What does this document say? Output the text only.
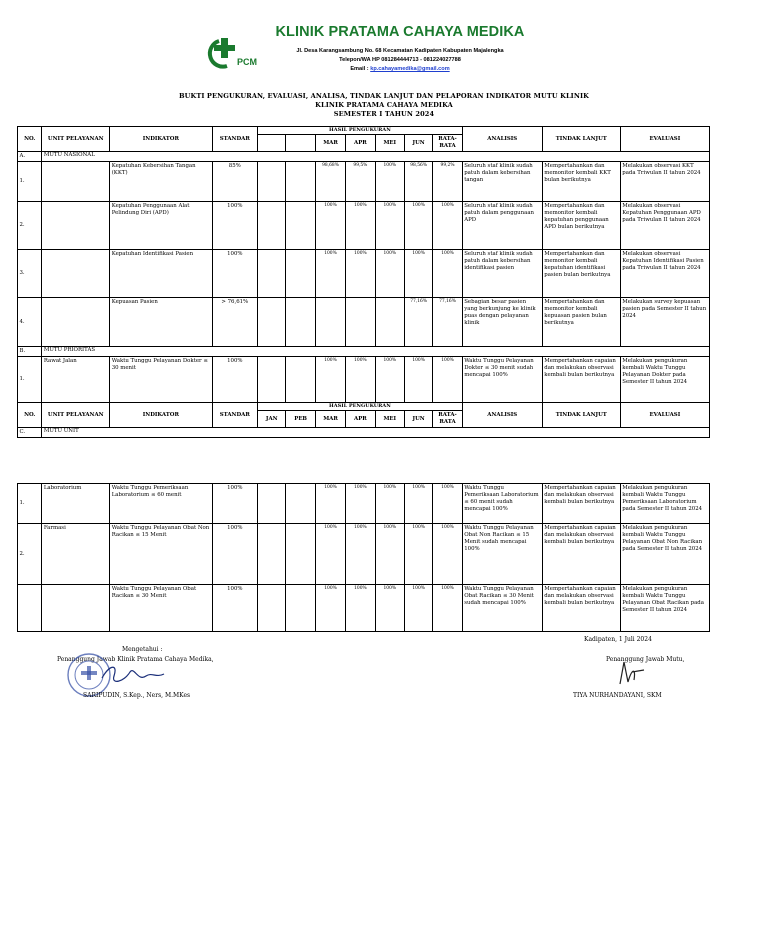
PCM
KLINIK PRATAMA CAHAYA MEDIKA
Jl. Desa Karangsambung No. 68 Kecamatan Kadipaten Kabupaten Majalengka
Telepon/WA HP 081284444713 - 081224027788
Email : kp.cahayamedika@gmail.com
BUKTI PENGUKURAN, EVALUASI, ANALISA, TINDAK LANJUT DAN PELAPORAN INDIKATOR MUTU KLINIK
KLINIK PRATAMA CAHAYA MEDIKA
SEMESTER I TAHUN 2024
NO.	UNIT PELAYANAN	INDIKATOR	STANDAR	HASIL PENGUKURAN							ANALISIS	TINDAK LANJUT	EVALUASI
						MAR	APR	MEI	JUN	RATA-RATA			
A.	MUTU NASIONAL												
1.		Kepatuhan Kebersihan Tangan (KKT)	85%			98,68%	99,5%	100%	98,56%	99,2%	Seluruh staf klinik sudah patuh dalam kebersihan tangan	Mempertahankan dan memonitor kembali KKT bulan berikutnya	Melakukan observasi KKT pada Triwulan II tahun 2024
2.		Kepatuhan Penggunaan Alat Pelindung Diri (APD)	100%			100%	100%	100%	100%	100%	Seluruh staf klinik sudah patuh dalam penggunaan APD	Mempertahankan dan memonitor kembali kepatuhan penggunaan APD bulan berikutnya	Melakukan observasi Kepatuhan Penggunaan APD pada Triwulan II tahun 2024
3.		Kepatuhan Identifikasi Pasien	100%			100%	100%	100%	100%	100%	Seluruh staf klinik sudah patuh dalam kebersihan identifikasi pasien	Mempertahankan dan memonitor kembali kepatuhan identifikasi pasien bulan berikutnya	Melakukan observasi Kepatuhan Identifikasi Pasien pada Triwulan II tahun 2024
4.		Kepuasan Pasien	> 76,61%						77,16%	77,16%	Sebagian besar pasien yang berkunjung ke klinik puas dengan pelayanan klinik	Mempertahankan dan memonitor kembali kepuasan pasien bulan berikutnya	Melakukan survey kepuasan pasien pada Semester II tahun 2024
B.	MUTU PRIORITAS												
1.	Rawat Jalan	Waktu Tunggu Pelayanan Dokter ≤ 30 menit	100%			100%	100%	100%	100%	100%	Waktu Tunggu Pelayanan Dokter ≤ 30 menit sudah mencapai 100%	Mempertahankan capaian dan melakukan observasi kembali bulan berikutnya	Melakukan pengukuran kembali Waktu Tunggu Pelayanan Dokter pada Semester II tahun 2024
NO.	UNIT PELAYANAN	INDIKATOR	STANDAR	HASIL PENGUKURAN							ANALISIS	TINDAK LANJUT	EVALUASI
				JAN	PEB	MAR	APR	MEI	JUN	RATA-RATA			
C.	MUTU UNIT												
1.	Laboratorium	Waktu Tunggu Pemeriksaan Laboratorium ≤ 60 menit	100%			100%	100%	100%	100%	100%	Waktu Tunggu Pemeriksaan Laboratorium ≤ 60 menit sudah mencapai 100%	Mempertahankan capaian dan melakukan observasi kembali bulan berikutnya	Melakukan pengukuran kembali Waktu Tunggu Pemeriksaan Laboratorium pada Semester II tahun 2024
2.	Farmasi	Waktu Tunggu Pelayanan Obat Non Racikan ≤ 15 Menit	100%			100%	100%	100%	100%	100%	Waktu Tunggu Pelayanan Obat Non Racikan ≤ 15 Menit sudah mencapai 100%	Mempertahankan capaian dan melakukan observasi kembali bulan berikutnya	Melakukan pengukuran kembali Waktu Tunggu Pelayanan Obat Non Racikan pada Semester II tahun 2024
		Waktu Tunggu Pelayanan Obat Racikan ≤ 30 Menit	100%			100%	100%	100%	100%	100%	Waktu Tunggu Pelayanan Obat Racikan ≤ 30 Menit sudah mencapai 100%	Mempertahankan capaian dan melakukan observasi kembali bulan berikutnya	Melakukan pengukuran kembali Waktu Tunggu Pelayanan Obat Racikan pada Semester II tahun 2024
Kadipaten, 1 Juli 2024
Mengetahui :
Penanggung Jawab Klinik Pratama Cahaya Medika,	Penanggung Jawab Mutu,
SARIPUDIN, S.Kep., Ners, M.MKes	TIYA NURHANDAYANI, SKM
